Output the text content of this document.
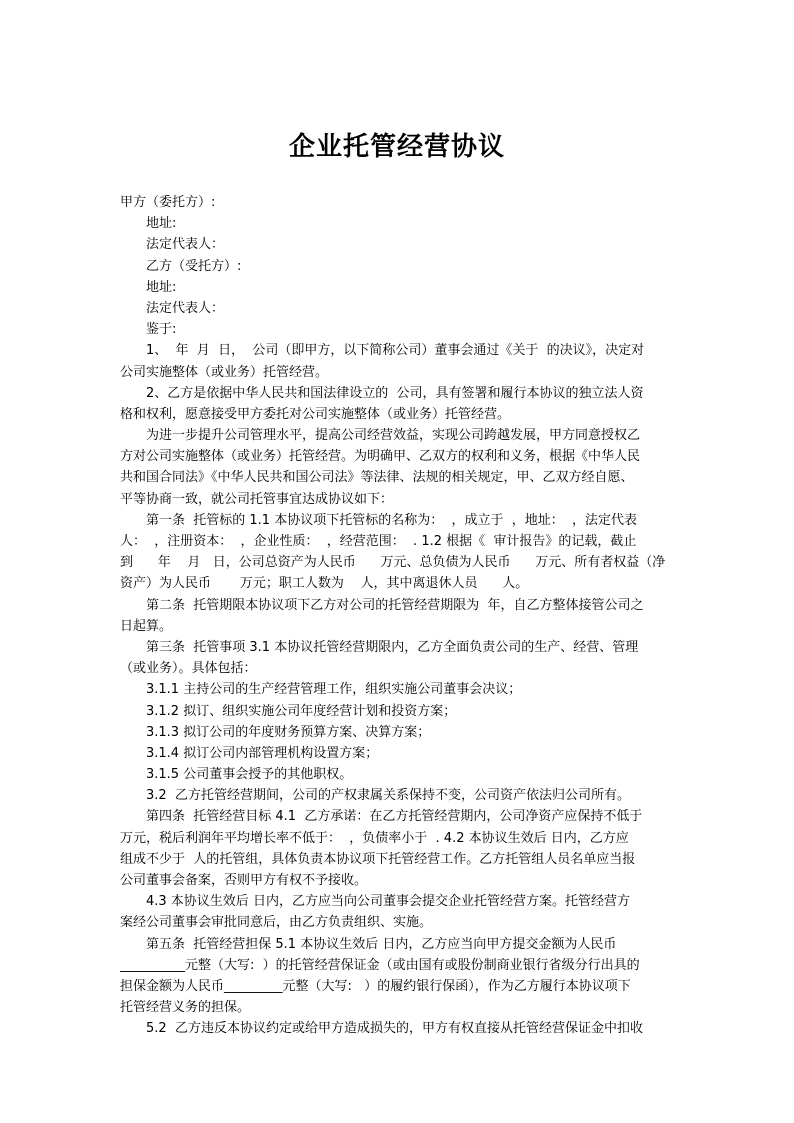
企业托管经营协议
甲方（委托方）:
地址:
法定代表人：
乙方（受托方）:
地址:
法定代表人：
鉴于:
1、  年  月  日，  公司（即甲方，以下简称公司）董事会通过《关于  的决议》，决定对
公司实施整体（或业务）托管经营。
2、乙方是依据中华人民共和国法律设立的  公司，具有签署和履行本协议的独立法人资
格和权利，愿意接受甲方委托对公司实施整体（或业务）托管经营。
为进一步提升公司管理水平，提高公司经营效益，实现公司跨越发展，甲方同意授权乙
方对公司实施整体（或业务）托管经营。为明确甲、乙双方的权利和义务，根据《中华人民
共和国合同法》《中华人民共和国公司法》等法律、法规的相关规定，甲、乙双方经自愿、
平等协商一致，就公司托管事宜达成协议如下：
第一条  托管标的 1.1 本协议项下托管标的名称为：  ，成立于  ，地址：  ，法定代表
人：  ，注册资本：  ，企业性质：  ，经营范围：  . 1.2 根据《  审计报告》的记载，截止
到      年    月   日，公司总资产为人民币      万元、总负债为人民币      万元、所有者权益（净
资产）为人民币       万元；职工人数为    人，其中离退休人员      人。
第二条  托管期限本协议项下乙方对公司的托管经营期限为  年，自乙方整体接管公司之
日起算。
第三条  托管事项 3.1 本协议托管经营期限内，乙方全面负责公司的生产、经营、管理
（或业务）。具体包括：
3.1.1 主持公司的生产经营管理工作，组织实施公司董事会决议；
3.1.2 拟订、组织实施公司年度经营计划和投资方案；
3.1.3 拟订公司的年度财务预算方案、决算方案；
3.1.4 拟订公司内部管理机构设置方案；
3.1.5 公司董事会授予的其他职权。
3.2  乙方托管经营期间，公司的产权隶属关系保持不变，公司资产依法归公司所有。
第四条  托管经营目标 4.1  乙方承诺：在乙方托管经营期内，公司净资产应保持不低于
万元，税后利润年平均增长率不低于：  ，负债率小于  . 4.2 本协议生效后 日内，乙方应
组成不少于  人的托管组，具体负责本协议项下托管经营工作。乙方托管组人员名单应当报
公司董事会备案，否则甲方有权不予接收。
4.3 本协议生效后 日内，乙方应当向公司董事会提交企业托管经营方案。托管经营方
案经公司董事会审批同意后，由乙方负责组织、实施。
第五条  托管经营担保 5.1 本协议生效后 日内，乙方应当向甲方提交金额为人民币
__________元整（大写:  ）的托管经营保证金（或由国有或股份制商业银行省级分行出具的
担保金额为人民币_________元整（大写:   ）的履约银行保函），作为乙方履行本协议项下
托管经营义务的担保。
5.2  乙方违反本协议约定或给甲方造成损失的，甲方有权直接从托管经营保证金中扣收
